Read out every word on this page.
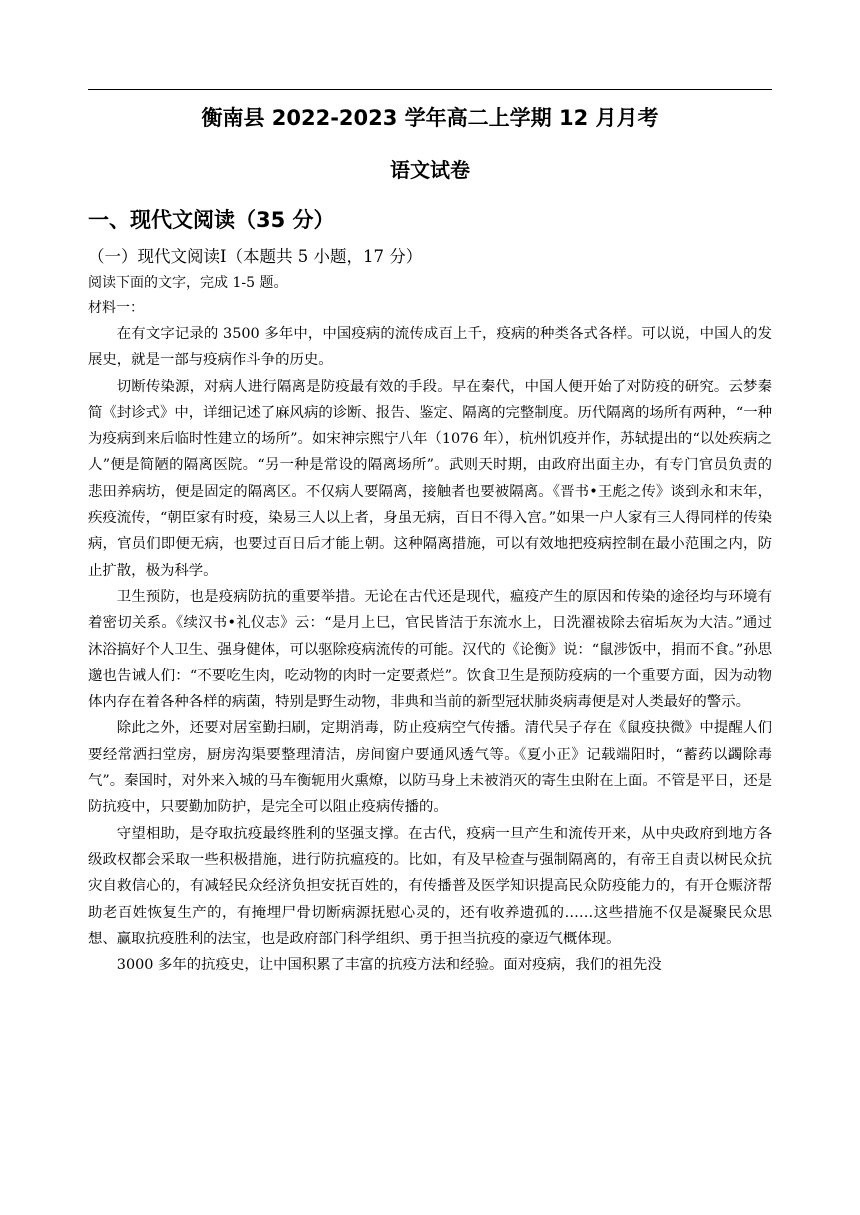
衡南县 2022-2023 学年高二上学期 12 月月考
语文试卷
一、现代文阅读（35 分）
（一）现代文阅读Ⅰ（本题共 5 小题，17 分）
阅读下面的文字，完成 1-5 题。
材料一：

在有文字记录的 3500 多年中，中国疫病的流传成百上千，疫病的种类各式各样。可以说，中国人的发展史，就是一部与疫病作斗争的历史。

切断传染源，对病人进行隔离是防疫最有效的手段。早在秦代，中国人便开始了对防疫的研究。云梦秦简《封诊式》中，详细记述了麻风病的诊断、报告、鉴定、隔离的完整制度。历代隔离的场所有两种，“一种为疫病到来后临时性建立的场所”。如宋神宗熙宁八年（1076 年），杭州饥疫并作，苏轼提出的“以处疾病之人”便是简陋的隔离医院。“另一种是常设的隔离场所”。武则天时期，由政府出面主办，有专门官员负责的悲田养病坊，便是固定的隔离区。不仅病人要隔离，接触者也要被隔离。《晋书•王彪之传》谈到永和末年，疾疫流传，“朝臣家有时疫，染易三人以上者，身虽无病，百日不得入宫。”如果一户人家有三人得同样的传染病，官员们即便无病，也要过百日后才能上朝。这种隔离措施，可以有效地把疫病控制在最小范围之内，防止扩散，极为科学。

卫生预防，也是疫病防抗的重要举措。无论在古代还是现代，瘟疫产生的原因和传染的途径均与环境有着密切关系。《续汉书•礼仪志》云：“是月上巳，官民皆洁于东流水上，日洗濯祓除去宿垢灰为大洁。”通过沐浴搞好个人卫生、强身健体，可以驱除疫病流传的可能。汉代的《论衡》说：“鼠涉饭中，捐而不食。”孙思邈也告诫人们：“不要吃生肉，吃动物的肉时一定要煮烂”。饮食卫生是预防疫病的一个重要方面，因为动物体内存在着各种各样的病菌，特别是野生动物，非典和当前的新型冠状肺炎病毒便是对人类最好的警示。

除此之外，还要对居室勤扫刷，定期消毒，防止疫病空气传播。清代吴子存在《鼠疫抉微》中提醒人们要经常洒扫堂房，厨房沟渠要整理清洁，房间窗户要通风透气等。《夏小正》记载端阳时，“蓄药以蠲除毒气”。秦国时，对外来入城的马车衡轭用火熏燎，以防马身上未被消灭的寄生虫附在上面。不管是平日，还是防抗疫中，只要勤加防护，是完全可以阻止疫病传播的。

守望相助，是夺取抗疫最终胜利的坚强支撑。在古代，疫病一旦产生和流传开来，从中央政府到地方各级政权都会采取一些积极措施，进行防抗瘟疫的。比如，有及早检查与强制隔离的，有帝王自责以树民众抗灾自救信心的，有减轻民众经济负担安抚百姓的，有传播普及医学知识提高民众防疫能力的，有开仓赈济帮助老百姓恢复生产的，有掩埋尸骨切断病源抚慰心灵的，还有收养遗孤的……这些措施不仅是凝聚民众思想、赢取抗疫胜利的法宝，也是政府部门科学组织、勇于担当抗疫的豪迈气概体现。

3000 多年的抗疫史，让中国积累了丰富的抗疫方法和经验。面对疫病，我们的祖先没
